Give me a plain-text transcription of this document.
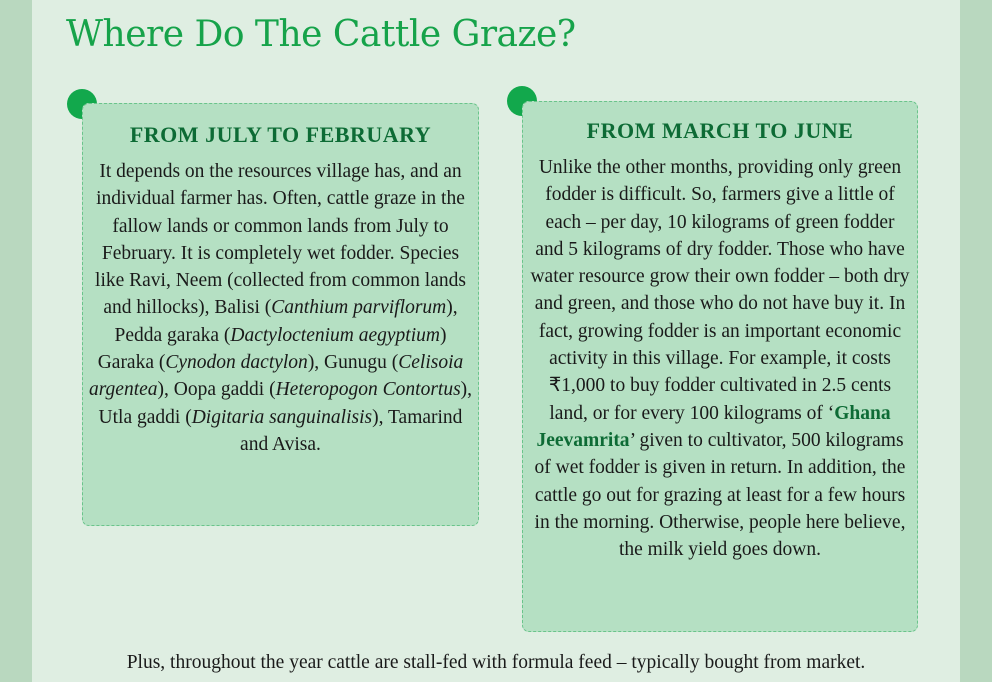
Where Do The Cattle Graze?
FROM JULY TO FEBRUARY

It depends on the resources village has, and an individual farmer has. Often, cattle graze in the fallow lands or common lands from July to February. It is completely wet fodder. Species like Ravi, Neem (collected from common lands and hillocks), Balisi (Canthium parviflorum), Pedda garaka (Dactyloctenium aegyptium) Garaka (Cynodon dactylon), Gunugu (Celisoia argentea), Oopa gaddi (Heteropogon Contortus), Utla gaddi (Digitaria sanguinalisis), Tamarind and Avisa.

FROM MARCH TO JUNE

Unlike the other months, providing only green fodder is difficult. So, farmers give a little of each – per day, 10 kilograms of green fodder and 5 kilograms of dry fodder. Those who have water resource grow their own fodder – both dry and green, and those who do not have buy it. In fact, growing fodder is an important economic activity in this village. For example, it costs ₹1,000 to buy fodder cultivated in 2.5 cents land, or for every 100 kilograms of ‘Ghana Jeevamrita’ given to cultivator, 500 kilograms of wet fodder is given in return. In addition, the cattle go out for grazing at least for a few hours in the morning. Otherwise, people here believe, the milk yield goes down.

Plus, throughout the year cattle are stall-fed with formula feed – typically bought from market.
